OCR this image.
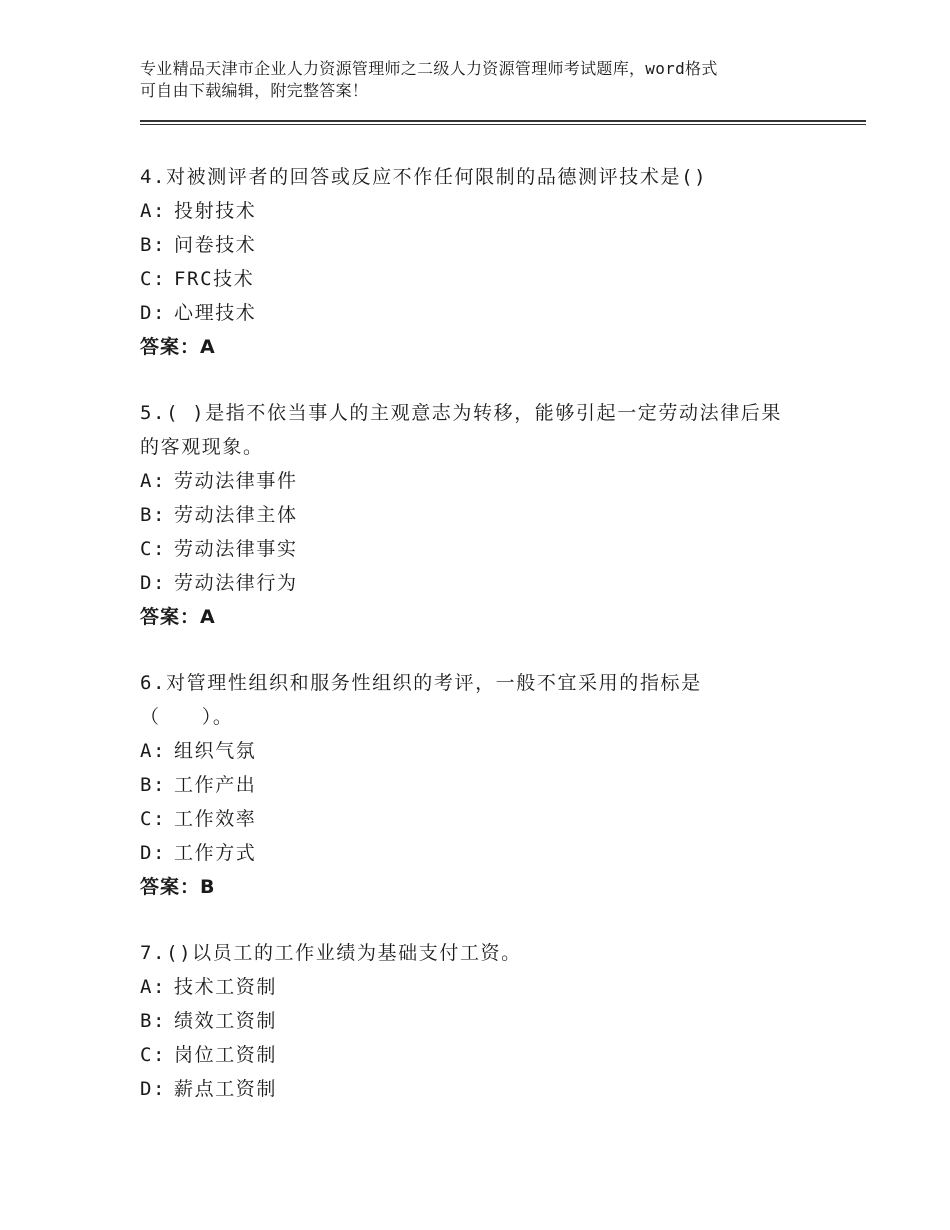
专业精品天津市企业人力资源管理师之二级人力资源管理师考试题库，word格式
可自由下载编辑，附完整答案！
4.对被测评者的回答或反应不作任何限制的品德测评技术是()
A: 投射技术
B: 问卷技术
C: FRC技术
D: 心理技术
答案：A
5.( )是指不依当事人的主观意志为转移，能够引起一定劳动法律后果
的客观现象。
A: 劳动法律事件
B: 劳动法律主体
C: 劳动法律事实
D: 劳动法律行为
答案：A
6.对管理性组织和服务性组织的考评，一般不宜采用的指标是
（　　）。
A: 组织气氛
B: 工作产出
C: 工作效率
D: 工作方式
答案：B
7.()以员工的工作业绩为基础支付工资。
A: 技术工资制
B: 绩效工资制
C: 岗位工资制
D: 薪点工资制
